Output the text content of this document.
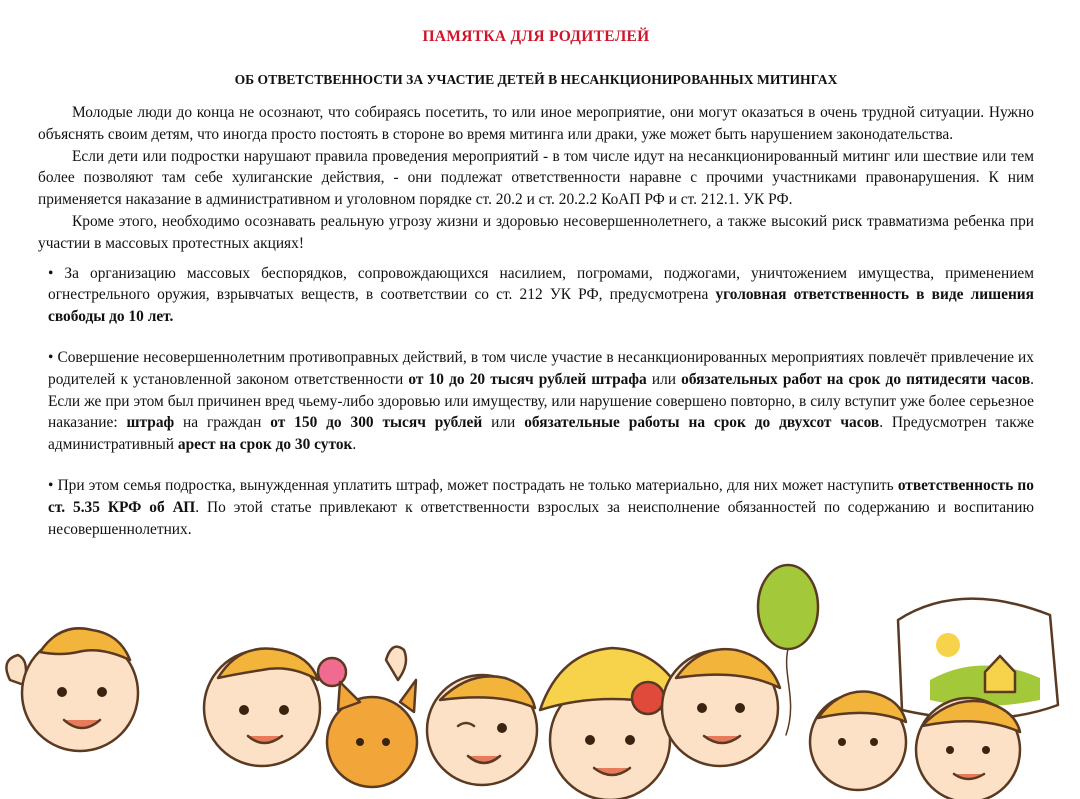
ПАМЯТКА ДЛЯ РОДИТЕЛЕЙ
ОБ ОТВЕТСТВЕННОСТИ ЗА УЧАСТИЕ ДЕТЕЙ В НЕСАНКЦИОНИРОВАННЫХ МИТИНГАХ

Молодые люди до конца не осознают, что собираясь посетить, то или иное мероприятие, они могут оказаться в очень трудной ситуации. Нужно объяснять своим детям, что иногда просто постоять в стороне во время митинга или драки, уже может быть нарушением законодательства.

Если дети или подростки нарушают правила проведения мероприятий - в том числе идут на несанкционированный митинг или шествие или тем более позволяют там себе хулиганские действия, - они подлежат ответственности наравне с прочими участниками правонарушения. К ним применяется наказание в административном и уголовном порядке ст. 20.2 и ст. 20.2.2 КоАП РФ и ст. 212.1. УК РФ.

Кроме этого, необходимо осознавать реальную угрозу жизни и здоровью несовершеннолетнего, а также высокий риск травматизма ребенка при участии в массовых протестных акциях!

• За организацию массовых беспорядков, сопровождающихся насилием, погромами, поджогами, уничтожением имущества, применением огнестрельного оружия, взрывчатых веществ, в соответствии со ст. 212 УК РФ, предусмотрена уголовная ответственность в виде лишения свободы до 10 лет.

• Совершение несовершеннолетним противоправных действий, в том числе участие в несанкционированных мероприятиях повлечёт привлечение их родителей к установленной законом ответственности от 10 до 20 тысяч рублей штрафа или обязательных работ на срок до пятидесяти часов. Если же при этом был причинен вред чьему-либо здоровью или имуществу, или нарушение совершено повторно, в силу вступит уже более серьезное наказание: штраф на граждан от 150 до 300 тысяч рублей или обязательные работы на срок до двухсот часов. Предусмотрен также административный арест на срок до 30 суток.

• При этом семья подростка, вынужденная уплатить штраф, может пострадать не только материально, для них может наступить ответственность по ст. 5.35 КРФ об АП. По этой статье привлекают к ответственности взрослых за неисполнение обязанностей по содержанию и воспитанию несовершеннолетних.
